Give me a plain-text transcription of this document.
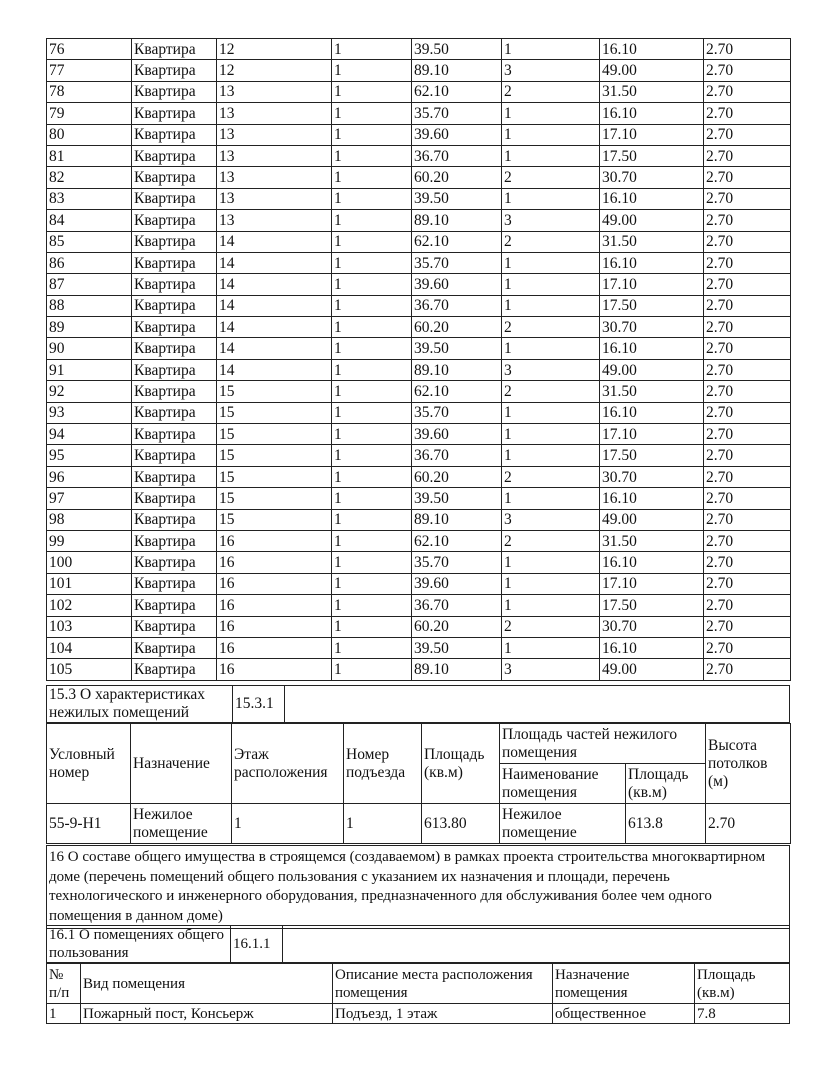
76	Квартира	12	1	39.50	1	16.10	2.70
77	Квартира	12	1	89.10	3	49.00	2.70
78	Квартира	13	1	62.10	2	31.50	2.70
79	Квартира	13	1	35.70	1	16.10	2.70
80	Квартира	13	1	39.60	1	17.10	2.70
81	Квартира	13	1	36.70	1	17.50	2.70
82	Квартира	13	1	60.20	2	30.70	2.70
83	Квартира	13	1	39.50	1	16.10	2.70
84	Квартира	13	1	89.10	3	49.00	2.70
85	Квартира	14	1	62.10	2	31.50	2.70
86	Квартира	14	1	35.70	1	16.10	2.70
87	Квартира	14	1	39.60	1	17.10	2.70
88	Квартира	14	1	36.70	1	17.50	2.70
89	Квартира	14	1	60.20	2	30.70	2.70
90	Квартира	14	1	39.50	1	16.10	2.70
91	Квартира	14	1	89.10	3	49.00	2.70
92	Квартира	15	1	62.10	2	31.50	2.70
93	Квартира	15	1	35.70	1	16.10	2.70
94	Квартира	15	1	39.60	1	17.10	2.70
95	Квартира	15	1	36.70	1	17.50	2.70
96	Квартира	15	1	60.20	2	30.70	2.70
97	Квартира	15	1	39.50	1	16.10	2.70
98	Квартира	15	1	89.10	3	49.00	2.70
99	Квартира	16	1	62.10	2	31.50	2.70
100	Квартира	16	1	35.70	1	16.10	2.70
101	Квартира	16	1	39.60	1	17.10	2.70
102	Квартира	16	1	36.70	1	17.50	2.70
103	Квартира	16	1	60.20	2	30.70	2.70
104	Квартира	16	1	39.50	1	16.10	2.70
105	Квартира	16	1	89.10	3	49.00	2.70
15.3 О характеристиках нежилых помещений	15.3.1	
Условный номер	Назначение	Этаж расположения	Номер подъезда	Площадь (кв.м)	Площадь частей нежилого помещения		Высота потолков (м)
					Наименование помещения	Площадь (кв.м)	
55-9-Н1	Нежилое помещение	1	1	613.80	Нежилое помещение	613.8	2.70
16 О составе общего имущества в строящемся (создаваемом) в рамках проекта строительства многоквартирном доме (перечень помещений общего пользования с указанием их назначения и площади, перечень технологического и инженерного оборудования, предназначенного для обслуживания более чем одного помещения в данном доме)
16.1 О помещениях общего пользования	16.1.1	
№ п/п	Вид помещения	Описание места расположения помещения	Назначение помещения	Площадь (кв.м)
1	Пожарный пост, Консьерж	Подъезд, 1 этаж	общественное	7.8
